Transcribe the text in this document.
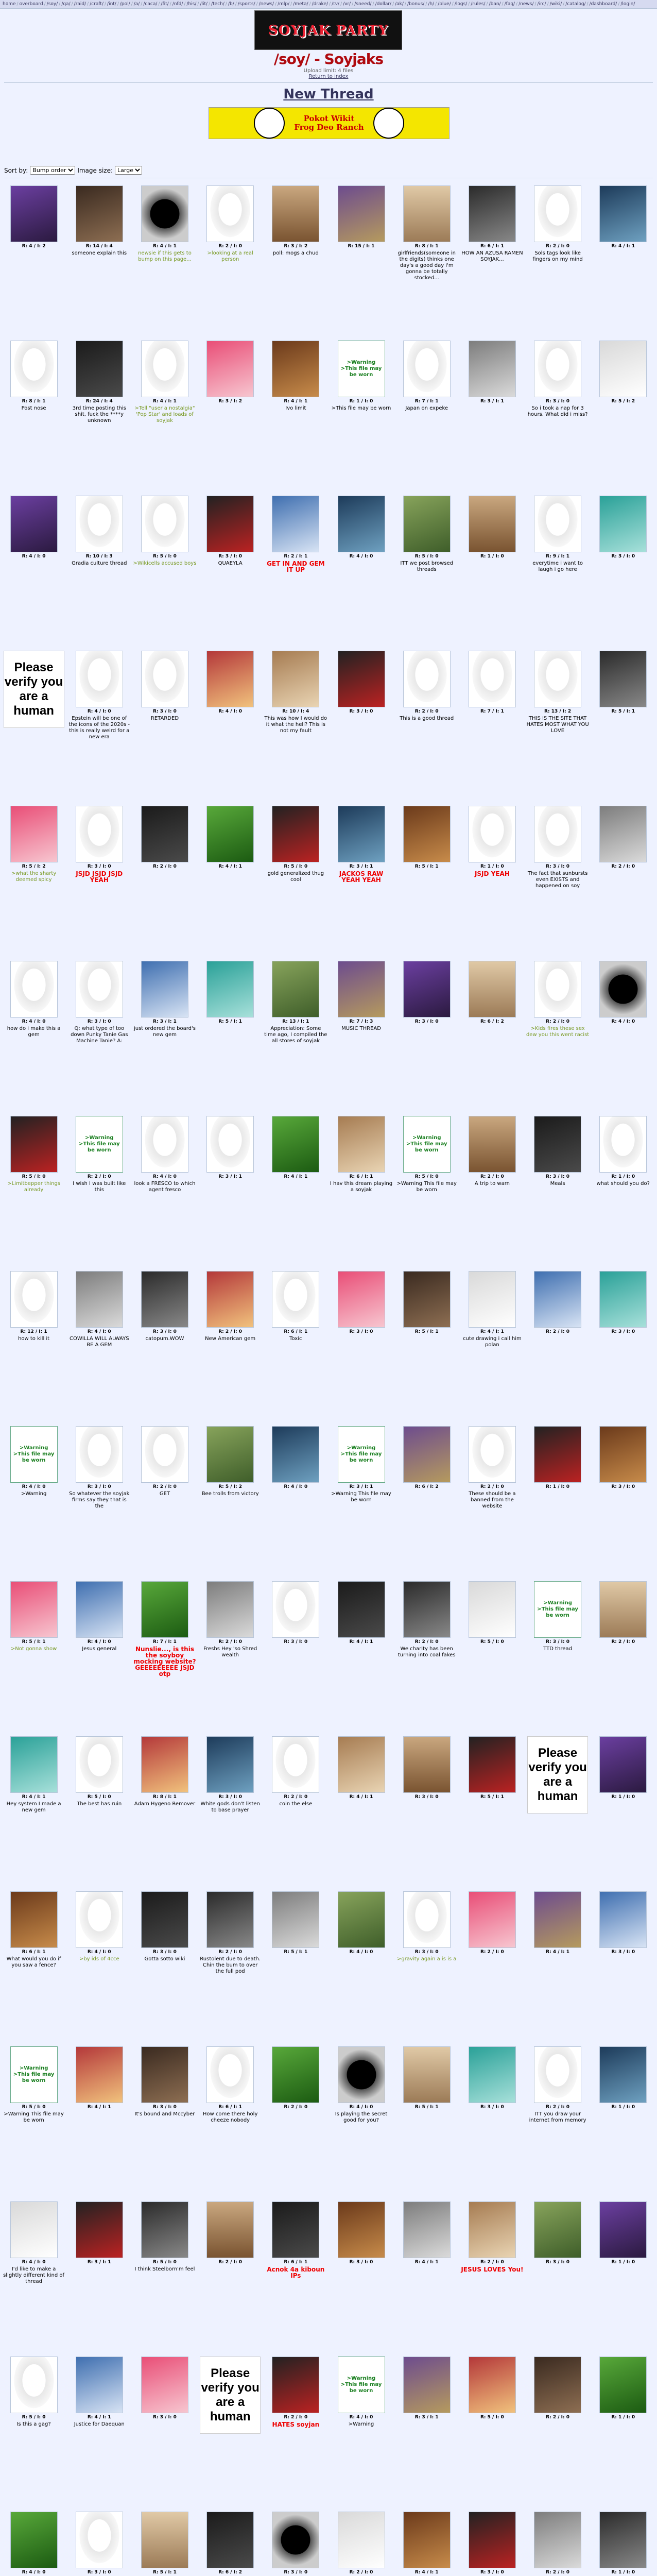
home / overboard / /soy/ / /qa/ / /raid/ / /craft/ / /int/ / /pol/ / /a/ / /caca/ / /fit/ / /nfd/ / /his/ / /lit/ / /tech/ / /b/ / /sports/ / /news/ / /mlp/ / /meta/ / /drake/ / /tv/ / /vr/ / /sneed/ / /dollar/ / /ak/ / /bonus/ / /h/ / /blue/ / /logs/ / /rules/ / /ban/ / /faq/ / /news/ / /irc/ / /wiki/ / /catalog/ / /dashboard/ / /login/
SOYJAK PARTY
/soy/ - Soyjaks
Upload limit: 4 files
Return to index
New Thread
Pokot Wikit
Frog Deo Ranch
Sort by:
Bump order	Image size:
Large
R: 4 / I: 2	R: 14 / I: 4
someone explain this
R: 4 / I: 1
newsie if this gets to bump on this page...
R: 2 / I: 0
>looking at a real person
R: 3 / I: 2
poll: mogs a chud
R: 15 / I: 1	R: 8 / I: 1
girlfriends(someone in the digits) thinks one day's a good day i'm gonna be totally stocked...
R: 6 / I: 1
HOW AN AZUSA RAMEN SOYJAK...
R: 2 / I: 0
Sols tags look like fingers on my mind
R: 4 / I: 1
R: 8 / I: 1
Post nose
R: 24 / I: 4
3rd time posting this shit, fuck the ****y unknown
R: 4 / I: 1
>Tell "user a nostalgia" 'Pop Star' and loads of soyjak
R: 3 / I: 2	R: 4 / I: 1
Ivo limit
>Warning >This file may be worn
R: 1 / I: 0
>This file may be worn
R: 7 / I: 1
Japan on expeke
R: 3 / I: 1	R: 3 / I: 0
So i took a nap for 3 hours. What did i miss?
R: 5 / I: 2
R: 4 / I: 0	R: 10 / I: 3
Gradia culture thread
R: 5 / I: 0
>Wikicells accused boys
R: 3 / I: 0
QUAEYLA
R: 2 / I: 1
GET IN AND GEM IT UP
R: 4 / I: 0	R: 5 / I: 0
ITT we post browsed threads
R: 1 / I: 0	R: 9 / I: 1
everytime i want to laugh i go here
R: 3 / I: 0
Please verify you are a human	R: 4 / I: 0
Epstein will be one of the icons of the 2020s - this is really weird for a new era
R: 3 / I: 0
RETARDED
R: 4 / I: 0	R: 10 / I: 4
This was how I would do it what the hell? This is not my fault
R: 3 / I: 0	R: 2 / I: 0
This is a good thread
R: 7 / I: 1	R: 13 / I: 2
THIS IS THE SITE THAT HATES MOST WHAT YOU LOVE
R: 5 / I: 1
R: 5 / I: 2
>what the sharty deemed spicy
R: 3 / I: 0
JSJD JSJD JSJD YEAH
R: 2 / I: 0	R: 4 / I: 1	R: 5 / I: 0
gold generalized thug cool
R: 3 / I: 1
JACKOS RAW YEAH YEAH
R: 5 / I: 1	R: 1 / I: 0
JSJD YEAH
R: 3 / I: 0
The fact that sunbursts even EXISTS and happened on soy
R: 2 / I: 0
R: 4 / I: 0
how do i make this a gem
R: 3 / I: 0
Q: what type of too down Punky Tanie Gas Machine Tanie? A:
R: 3 / I: 1
just ordered the board's new gem
R: 5 / I: 1	R: 13 / I: 1
Appreciation: Some time ago, I compiled the all stores of soyjak
R: 7 / I: 3
MUSIC THREAD
R: 3 / I: 0	R: 6 / I: 2	R: 2 / I: 0
>Kids fires these sex dew you this went racist
R: 4 / I: 0
R: 5 / I: 0
>Limitbepper things already
>Warning >This file may be worn
R: 2 / I: 0
I wish I was built like this
R: 4 / I: 0
look a FRESCO to which agent fresco
R: 3 / I: 1	R: 4 / I: 1	R: 6 / I: 1
I hav this dream playing a soyjak
>Warning >This file may be worn
R: 5 / I: 0
>Warning This file may be worn
R: 2 / I: 0
A trip to warn
R: 3 / I: 0
Meals
R: 1 / I: 0
what should you do?
R: 12 / I: 1
how to kill it
R: 4 / I: 0
COWILLA WILL ALWAYS BE A GEM
R: 3 / I: 0
catopum.WOW
R: 2 / I: 0
New American gem
R: 6 / I: 1
Toxic
R: 3 / I: 0	R: 5 / I: 1	R: 4 / I: 1
cute drawing i call him polan
R: 2 / I: 0	R: 3 / I: 0
>Warning >This file may be worn
R: 4 / I: 0
>Warning
R: 3 / I: 0
So whatever the soyjak firms say they that is the
R: 2 / I: 0
GET
R: 5 / I: 2
Bee trolls from victory
R: 4 / I: 0
>Warning >This file may be worn
R: 3 / I: 1
>Warning This file may be worn
R: 6 / I: 2	R: 2 / I: 0
These should be a banned from the website
R: 1 / I: 0	R: 3 / I: 0
R: 5 / I: 1
>Not gonna show
R: 4 / I: 0
Jesus general
R: 7 / I: 1
Nunslie..., is this the soyboy mocking website? GEEEEEEEEE JSJD otp
R: 2 / I: 0
Freshs Hey 'so Shred wealth
R: 3 / I: 0	R: 4 / I: 1	R: 2 / I: 0
We charity has been turning into coal fakes
R: 5 / I: 0
>Warning >This file may be worn
R: 3 / I: 0
TTD thread
R: 2 / I: 0
R: 4 / I: 1
Hey system I made a new gem
R: 5 / I: 0
The best has ruin
R: 8 / I: 1
Adam Hygeno Remover
R: 3 / I: 0
White gods don't listen to base prayer
R: 2 / I: 0
coin the else
R: 4 / I: 1	R: 3 / I: 0	R: 5 / I: 1
Please verify you are a human	R: 1 / I: 0
R: 6 / I: 1
What would you do if you saw a fence?
R: 4 / I: 0
>by ids of 4cce
R: 3 / I: 0
Gotta sotto wiki
R: 2 / I: 0
Rustolent due to death. Chin the bum to over the full pod
R: 5 / I: 1	R: 4 / I: 0	R: 3 / I: 0
>gravity again a is is a
R: 2 / I: 0	R: 4 / I: 1	R: 3 / I: 0
>Warning >This file may be worn
R: 5 / I: 0
>Warning This file may be worn
R: 4 / I: 1	R: 3 / I: 0
It's bound and Mccyber
R: 6 / I: 1
How come there holy cheeze nobody
R: 2 / I: 0	R: 4 / I: 0
Is playing the secret good for you?
R: 5 / I: 1	R: 3 / I: 0	R: 2 / I: 0
ITT you draw your internet from memory
R: 1 / I: 0
R: 4 / I: 0
I'd like to make a slightly different kind of thread
R: 3 / I: 1	R: 5 / I: 0
I think Steelborn'm feel
R: 2 / I: 0	R: 6 / I: 1
Acnok 4a kiboun IPs
R: 3 / I: 0	R: 4 / I: 1	R: 2 / I: 0
JESUS LOVES You!
R: 3 / I: 0	R: 1 / I: 0
R: 5 / I: 0
Is this a gag?
R: 4 / I: 1
Justice for Daequan
R: 3 / I: 0
Please verify you are a human	R: 2 / I: 0
HATES soyjan
>Warning >This file may be worn
R: 4 / I: 0
>Warning
R: 3 / I: 1	R: 5 / I: 0	R: 2 / I: 0	R: 1 / I: 0
R: 4 / I: 0	R: 3 / I: 0	R: 5 / I: 1	R: 6 / I: 2	R: 3 / I: 0	R: 2 / I: 0	R: 4 / I: 1	R: 3 / I: 0	R: 2 / I: 0	R: 1 / I: 0
